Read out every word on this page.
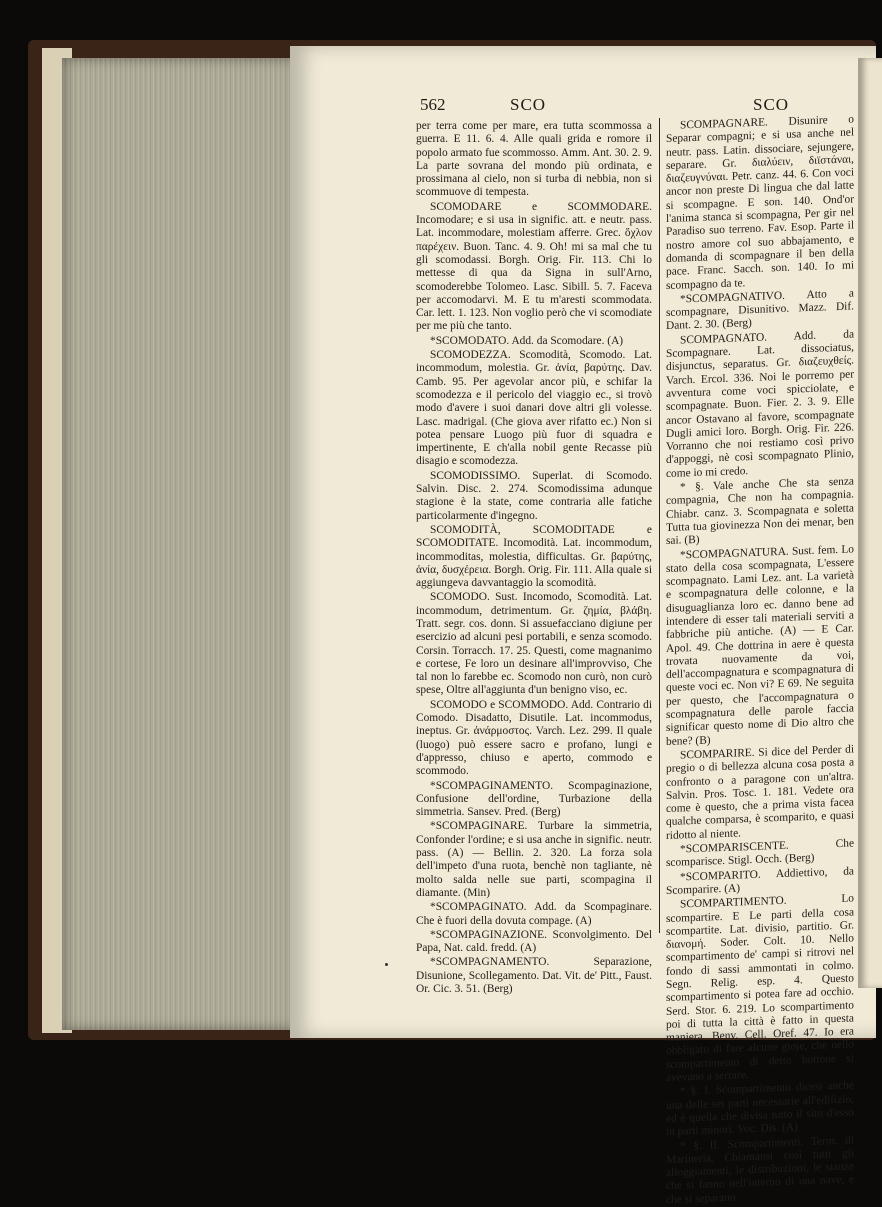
562	SCO	SCO

per terra come per mare, era tutta scommossa a guerra. E 11. 6. 4. Alle quali grida e romore il popolo armato fue scommosso. Amm. Ant. 30. 2. 9. La parte sovrana del mondo più ordinata, e prossimana al cielo, non si turba di nebbia, non si scommuove di tempesta.

SCOMODARE e SCOMMODARE. Incomodare; e si usa in signific. att. e neutr. pass. Lat. incommodare, molestiam afferre. Grec. ὄχλον παρέχειν. Buon. Tanc. 4. 9. Oh! mi sa mal che tu gli scomodassi. Borgh. Orig. Fir. 113. Chi lo mettesse di qua da Signa in sull'Arno, scomoderebbe Tolomeo. Lasc. Sibill. 5. 7. Faceva per accomodarvi. M. E tu m'aresti scommodata. Car. lett. 1. 123. Non voglio però che vi scomodiate per me più che tanto.

*SCOMODATO. Add. da Scomodare. (A)

SCOMODEZZA. Scomodità, Scomodo. Lat. incommodum, molestia. Gr. ἀνία, βαρύτης. Dav. Camb. 95. Per agevolar ancor più, e schifar la scomodezza e il pericolo del viaggio ec., si trovò modo d'avere i suoi danari dove altri gli volesse. Lasc. madrigal. (Che giova aver rifatto ec.) Non si potea pensare Luogo più fuor di squadra e impertinente, E ch'alla nobil gente Recasse più disagio e scomodezza.

SCOMODISSIMO. Superlat. di Scomodo. Salvin. Disc. 2. 274. Scomodissima adunque stagione è la state, come contraria alle fatiche particolarmente d'ingegno.

SCOMODITÀ, SCOMODITADE e SCOMODITATE. Incomodità. Lat. incommodum, incommoditas, molestia, difficultas. Gr. βαρύτης, ἀνία, δυσχέρεια. Borgh. Orig. Fir. 111. Alla quale si aggiungeva davvantaggio la scomodità.

SCOMODO. Sust. Incomodo, Scomodità. Lat. incommodum, detrimentum. Gr. ζημία, βλάβη. Tratt. segr. cos. donn. Si assuefacciano digiune per esercizio ad alcuni pesi portabili, e senza scomodo. Corsin. Torracch. 17. 25. Questi, come magnanimo e cortese, Fe loro un desinare all'improvviso, Che tal non lo farebbe ec. Scomodo non curò, non curò spese, Oltre all'aggiunta d'un benigno viso, ec.

SCOMODO e SCOMMODO. Add. Contrario di Comodo. Disadatto, Disutile. Lat. incommodus, ineptus. Gr. ἀνάρμοστος. Varch. Lez. 299. Il quale (luogo) può essere sacro e profano, lungi e d'appresso, chiuso e aperto, commodo e scommodo.

*SCOMPAGINAMENTO. Scompaginazione, Confusione dell'ordine, Turbazione della simmetria. Sansev. Pred. (Berg)

*SCOMPAGINARE. Turbare la simmetria, Confonder l'ordine; e si usa anche in signific. neutr. pass. (A) — Bellin. 2. 320. La forza sola dell'impeto d'una ruota, benchè non tagliante, nè molto salda nelle sue parti, scompagina il diamante. (Min)

*SCOMPAGINATO. Add. da Scompaginare. Che è fuori della dovuta compage. (A)

*SCOMPAGINAZIONE. Sconvolgimento. Del Papa, Nat. cald. fredd. (A)

*SCOMPAGNAMENTO. Separazione, Disunione, Scollegamento. Dat. Vit. de' Pitt., Faust. Or. Cic. 3. 51. (Berg)

SCOMPAGNARE. Disunire o Separar compagni; e si usa anche nel neutr. pass. Latin. dissociare, sejungere, separare. Gr. διαλύειν, διϊστάναι, διαζευγνύναι. Petr. canz. 44. 6. Con voci ancor non preste Di lingua che dal latte si scompagne. E son. 140. Ond'or l'anima stanca si scompagna, Per gir nel Paradiso suo terreno. Fav. Esop. Parte il nostro amore col suo abbajamento, e domanda di scompagnare il ben della pace. Franc. Sacch. son. 140. Io mi scompagno da te.

*SCOMPAGNATIVO. Atto a scompagnare, Disunitivo. Mazz. Dif. Dant. 2. 30. (Berg)

SCOMPAGNATO. Add. da Scompagnare. Lat. dissociatus, disjunctus, separatus. Gr. διαζευχθείς. Varch. Ercol. 336. Noi le porremo per avventura come voci spicciolate, e scompagnate. Buon. Fier. 2. 3. 9. Elle ancor Ostavano al favore, scompagnate Dugli amici loro. Borgh. Orig. Fir. 226. Vorranno che noi restiamo così privo d'appoggi, nè così scompagnato Plinio, come io mi credo.

* §. Vale anche Che sta senza compagnia, Che non ha compagnia. Chiabr. canz. 3. Scompagnata e soletta Tutta tua giovinezza Non dei menar, ben sai. (B)

*SCOMPAGNATURA. Sust. fem. Lo stato della cosa scompagnata, L'essere scompagnato. Lami Lez. ant. La varietà e scompagnatura delle colonne, e la disuguaglianza loro ec. danno bene ad intendere di esser tali materiali serviti a fabbriche più antiche. (A) — E Car. Apol. 49. Che dottrina in aere è questa trovata nuovamente da voi, dell'accompagnatura e scompagnatura di queste voci ec. Non vi? E 69. Ne seguita per questo, che l'accompagnatura o scompagnatura delle parole faccia significar questo nome di Dio altro che bene? (B)

SCOMPARIRE. Si dice del Perder di pregio o di bellezza alcuna cosa posta a confronto o a paragone con un'altra. Salvin. Pros. Tosc. 1. 181. Vedete ora come è questo, che a prima vista facea qualche comparsa, è scomparito, e quasi ridotto al niente.

*SCOMPARISCENTE. Che scomparisce. Stigl. Occh. (Berg)

*SCOMPARITO. Addiettivo, da Scomparire. (A)

SCOMPARTIMENTO. Lo scompartire. E Le parti della cosa scompartite. Lat. divisio, partitio. Gr. διανομή. Soder. Colt. 10. Nello scompartimento de' campi si ritrovi nel fondo di sassi ammontati in colmo. Segn. Relig. esp. 4. Questo scompartimento si potea fare ad occhio. Serd. Stor. 6. 219. Lo scompartimento poi di tutta la città è fatto in questa maniera. Benv. Cell. Oref. 47. Io era obbligato di fare alcune gioje, che nello scompartimento di detto bottone si avevano a serrare.

* §. I. Scompartimento dicesi anche una delle sei parti necessarie all'edifizio, ed è quella che divisa tutto il sito d'esso in parti minori. Voc. Dis. (A)

* §. II. Scompartimenti. Term. di Marineria. Chiamansi così tutti gli alloggiamenti, le distribuzioni, le stanze che si fanno nell'interno di una nave, e che si separano
